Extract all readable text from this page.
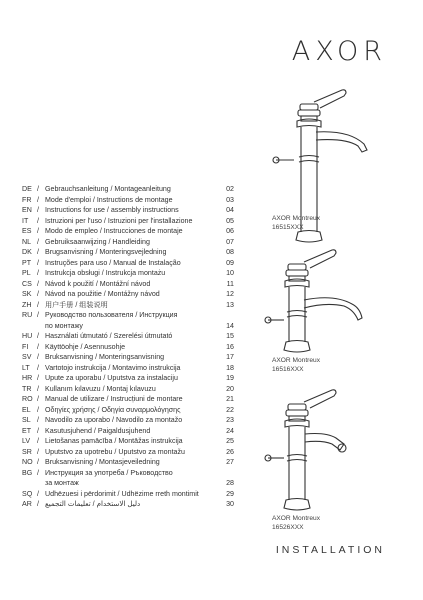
AXOR
DE / Gebrauchsanleitung / Montageanleitung	02
FR / Mode d'emploi / Instructions de montage	03
EN / Instructions for use / assembly instructions	04
IT	/ Istruzioni per l'uso / Istruzioni per l'installazione	05
ES / Modo de empleo / Instrucciones de montaje	06
NL / Gebruiksaanwijzing / Handleiding	07
DK / Brugsanvisning / Monteringsvejledning	08
PT / Instruções para uso / Manual de Instalação	09
PL / Instrukcja obsługi / Instrukcja montażu	10
CS / Návod k použití / Montážní návod	11
SK / Návod na použitie / Montážny návod	12
ZH / 用户手册 / 组装说明	13
RU / Руководство пользователя / Инструкция
по монтажу	14
HU / Használati útmutató / Szerelési útmutató	15
FI	/ Käyttöohje / Asennusohje	16
SV / Bruksanvisning / Monteringsanvisning	17
LT	/ Vartotojo instrukcija / Montavimo instrukcija	18
HR / Upute za uporabu / Uputstva za instalaciju	19
TR / Kullanım kılavuzu / Montaj kılavuzu	20
RO / Manual de utilizare / Instrucțiuni de montare	21
EL / Οδηγίες χρήσης / Οδηγία συναρμολόγησης	22
SL / Navodilo za uporabo / Navodilo za montažo	23
ET / Kasutusjuhend / Paigaldusjuhend	24
LV / Lietošanas pamācība / Montāžas instrukcija	25
SR / Uputstvo za upotrebu / Uputstvo za montažu	26
NO / Bruksanvisning / Montasjeveiledning	27
BG / Инструкция за употреба / Ръководство
за монтаж	28
SQ / Udhëzuesi i përdorimit / Udhëzime rreth montimit	29
AR / دليل الاستخدام / تعليمات التجميع	30
AXOR Montreux
16515XXX
AXOR Montreux
16516XXX
AXOR Montreux
16526XXX
INSTALLATION
